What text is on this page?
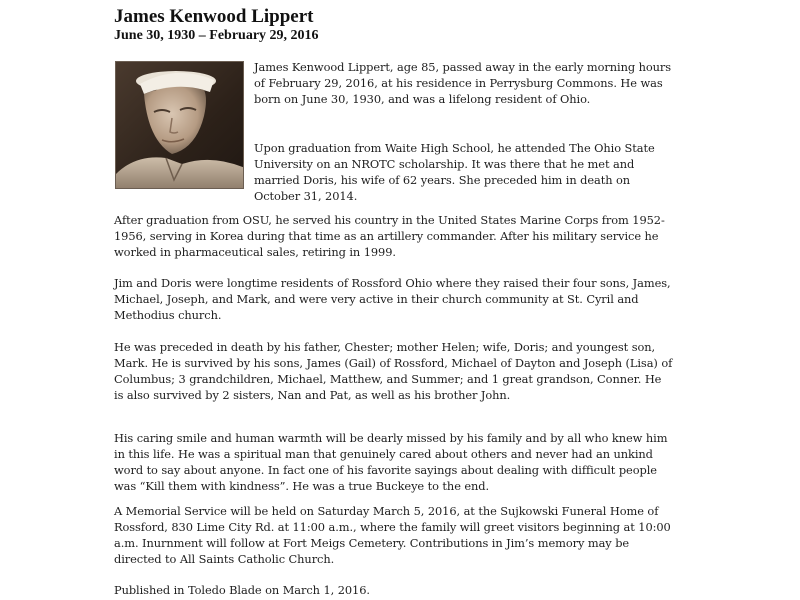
James Kenwood Lippert
June 30, 1930 – February 29, 2016

James Kenwood Lippert, age 85, passed away in the early morning hours of February 29, 2016, at his residence in Perrysburg Commons. He was born on June 30, 1930, and was a lifelong resident of Ohio.

Upon graduation from Waite High School, he attended The Ohio State University on an NROTC scholarship. It was there that he met and married Doris, his wife of 62 years. She preceded him in death on October 31, 2014.

After graduation from OSU, he served his country in the United States Marine Corps from 1952-1956, serving in Korea during that time as an artillery commander. After his military service he worked in pharmaceutical sales, retiring in 1999.

Jim and Doris were longtime residents of Rossford Ohio where they raised their four sons, James, Michael, Joseph, and Mark, and were very active in their church community at St. Cyril and Methodius church.

He was preceded in death by his father, Chester; mother Helen; wife, Doris; and youngest son, Mark. He is survived by his sons, James (Gail) of Rossford, Michael of Dayton and Joseph (Lisa) of Columbus; 3 grandchildren, Michael, Matthew, and Summer; and 1 great grandson, Conner. He is also survived by 2 sisters, Nan and Pat, as well as his brother John.

His caring smile and human warmth will be dearly missed by his family and by all who knew him in this life. He was a spiritual man that genuinely cared about others and never had an unkind word to say about anyone. In fact one of his favorite sayings about dealing with difficult people was “Kill them with kindness”. He was a true Buckeye to the end.

A Memorial Service will be held on Saturday March 5, 2016, at the Sujkowski Funeral Home of Rossford, 830 Lime City Rd. at 11:00 a.m., where the family will greet visitors beginning at 10:00 a.m. Inurnment will follow at Fort Meigs Cemetery. Contributions in Jim’s memory may be directed to All Saints Catholic Church.

Published in Toledo Blade on March 1, 2016.
